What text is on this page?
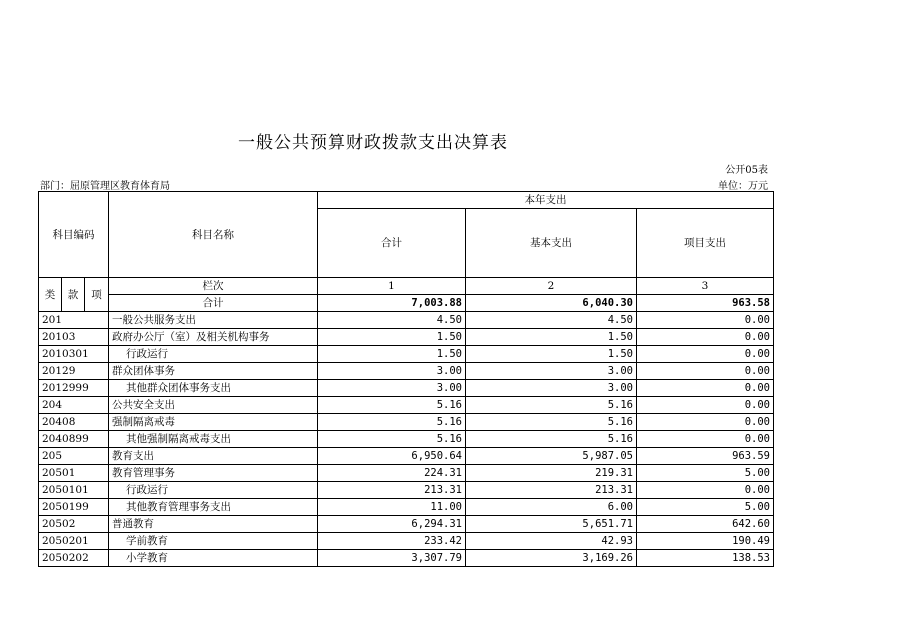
一般公共预算财政拨款支出决算表
公开05表
部门：屈原管理区教育体育局	单位：万元
科目编码			科目名称	本年支出		
				合计	基本支出	项目支出
类	款	项	栏次	1	2	3
			合计	7,003.88	6,040.30	963.58
201			一般公共服务支出	4.50	4.50	0.00
20103			政府办公厅（室）及相关机构事务	1.50	1.50	0.00
2010301			行政运行	1.50	1.50	0.00
20129			群众团体事务	3.00	3.00	0.00
2012999			其他群众团体事务支出	3.00	3.00	0.00
204			公共安全支出	5.16	5.16	0.00
20408			强制隔离戒毒	5.16	5.16	0.00
2040899			其他强制隔离戒毒支出	5.16	5.16	0.00
205			教育支出	6,950.64	5,987.05	963.59
20501			教育管理事务	224.31	219.31	5.00
2050101			行政运行	213.31	213.31	0.00
2050199			其他教育管理事务支出	11.00	6.00	5.00
20502			普通教育	6,294.31	5,651.71	642.60
2050201			学前教育	233.42	42.93	190.49
2050202			小学教育	3,307.79	3,169.26	138.53
